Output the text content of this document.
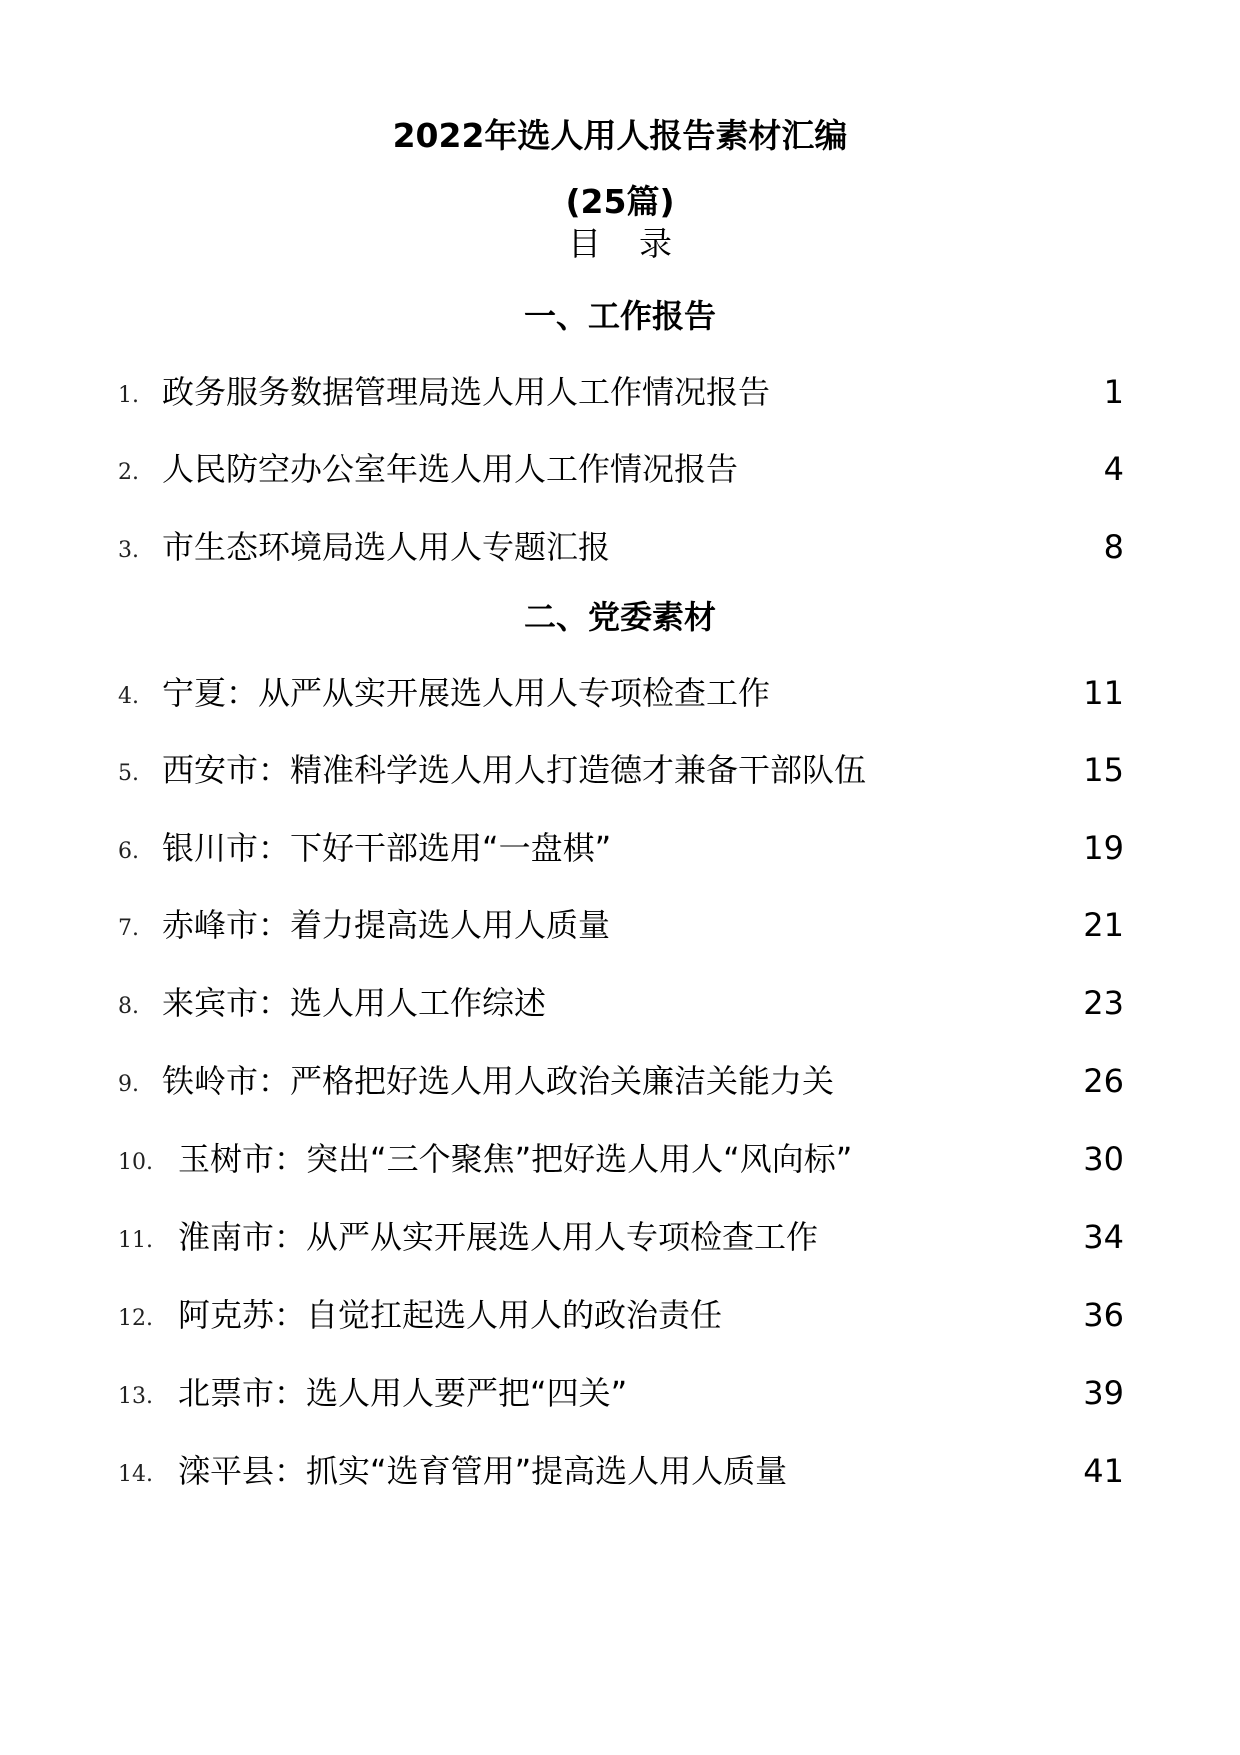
2022年选人用人报告素材汇编
(25篇)
目录
一、工作报告
1. 政务服务数据管理局选人用人工作情况报告	1
2. 人民防空办公室年选人用人工作情况报告	4
3. 市生态环境局选人用人专题汇报	8
二、党委素材
4. 宁夏：从严从实开展选人用人专项检查工作	11
5. 西安市：精准科学选人用人打造德才兼备干部队伍	15
6. 银川市：下好干部选用“一盘棋”	19
7. 赤峰市：着力提高选人用人质量	21
8. 来宾市：选人用人工作综述	23
9. 铁岭市：严格把好选人用人政治关廉洁关能力关	26
10. 玉树市：突出“三个聚焦”把好选人用人“风向标”	30
11. 淮南市：从严从实开展选人用人专项检查工作	34
12. 阿克苏：自觉扛起选人用人的政治责任	36
13. 北票市：选人用人要严把“四关”	39
14. 滦平县：抓实“选育管用”提高选人用人质量	41
